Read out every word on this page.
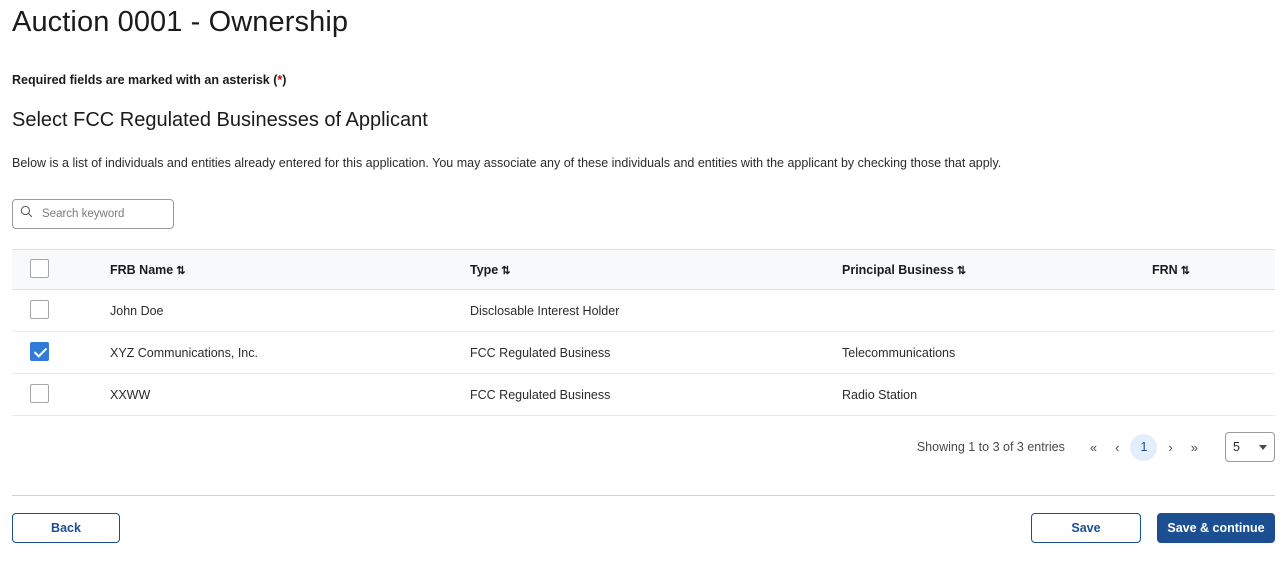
Auction 0001 - Ownership
Required fields are marked with an asterisk (*)
Select FCC Regulated Businesses of Applicant
Below is a list of individuals and entities already entered for this application. You may associate any of these individuals and entities with the applicant by checking those that apply.
Search keyword
	FRB Name ⇅	Type ⇅	Principal Business ⇅	FRN ⇅
	John Doe	Disclosable Interest Holder		
	XYZ Communications, Inc.	FCC Regulated Business	Telecommunications	
	XXWW	FCC Regulated Business	Radio Station	
Showing 1 to 3 of 3 entries	«	‹	1	›	»	5
Back	Save	Save & continue
